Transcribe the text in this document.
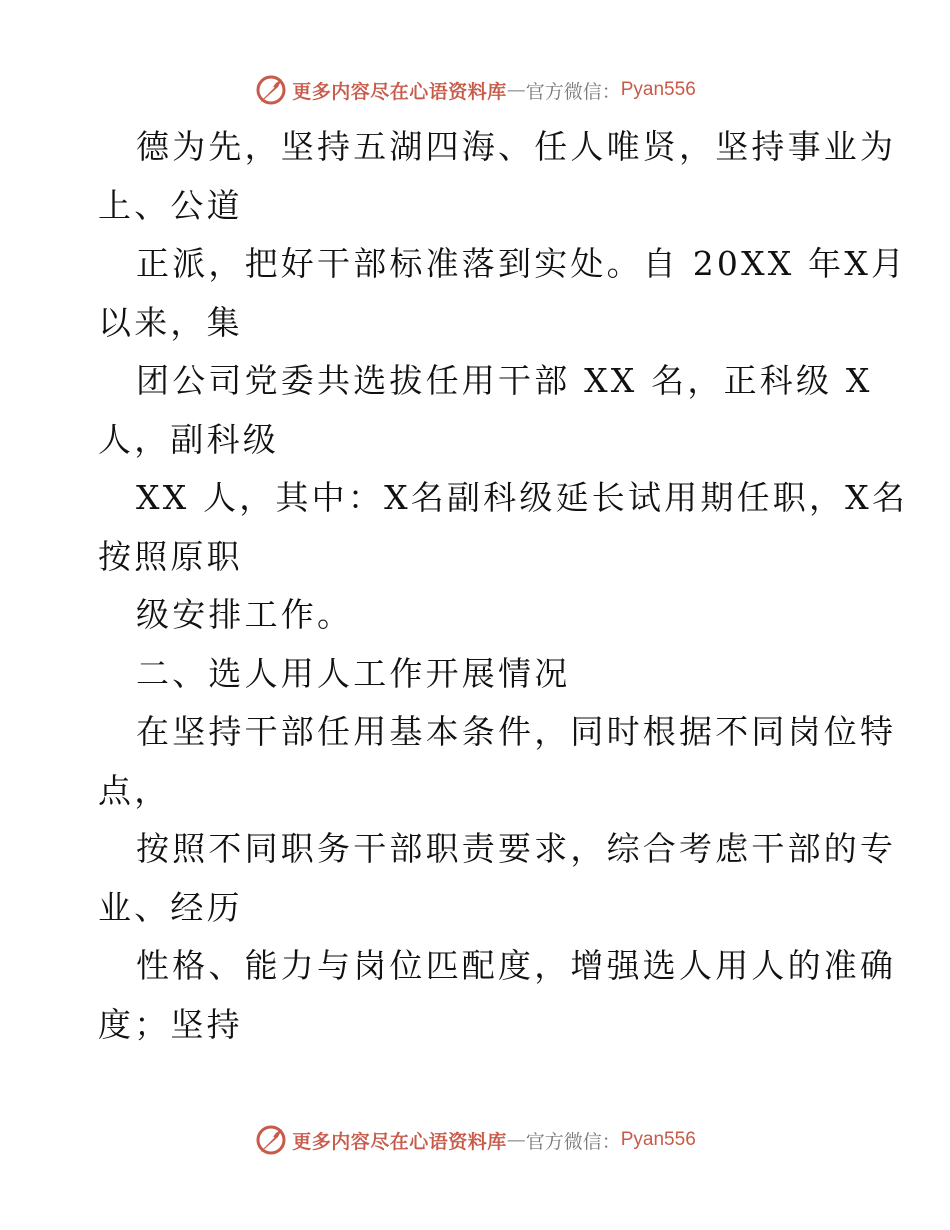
更多内容尽在心语资料库 — 官方微信： Pyan556
德为先，坚持五湖四海、任人唯贤，坚持事业为
上、公道
正派，把好干部标准落到实处。自 20XX 年X月
以来，集
团公司党委共选拔任用干部 XX 名，正科级 X
人，副科级
XX 人，其中：X名副科级延长试用期任职，X名
按照原职
级安排工作。
二、选人用人工作开展情况
在坚持干部任用基本条件，同时根据不同岗位特
点，
按照不同职务干部职责要求，综合考虑干部的专
业、经历
性格、能力与岗位匹配度，增强选人用人的准确
度；坚持
更多内容尽在心语资料库 — 官方微信： Pyan556
